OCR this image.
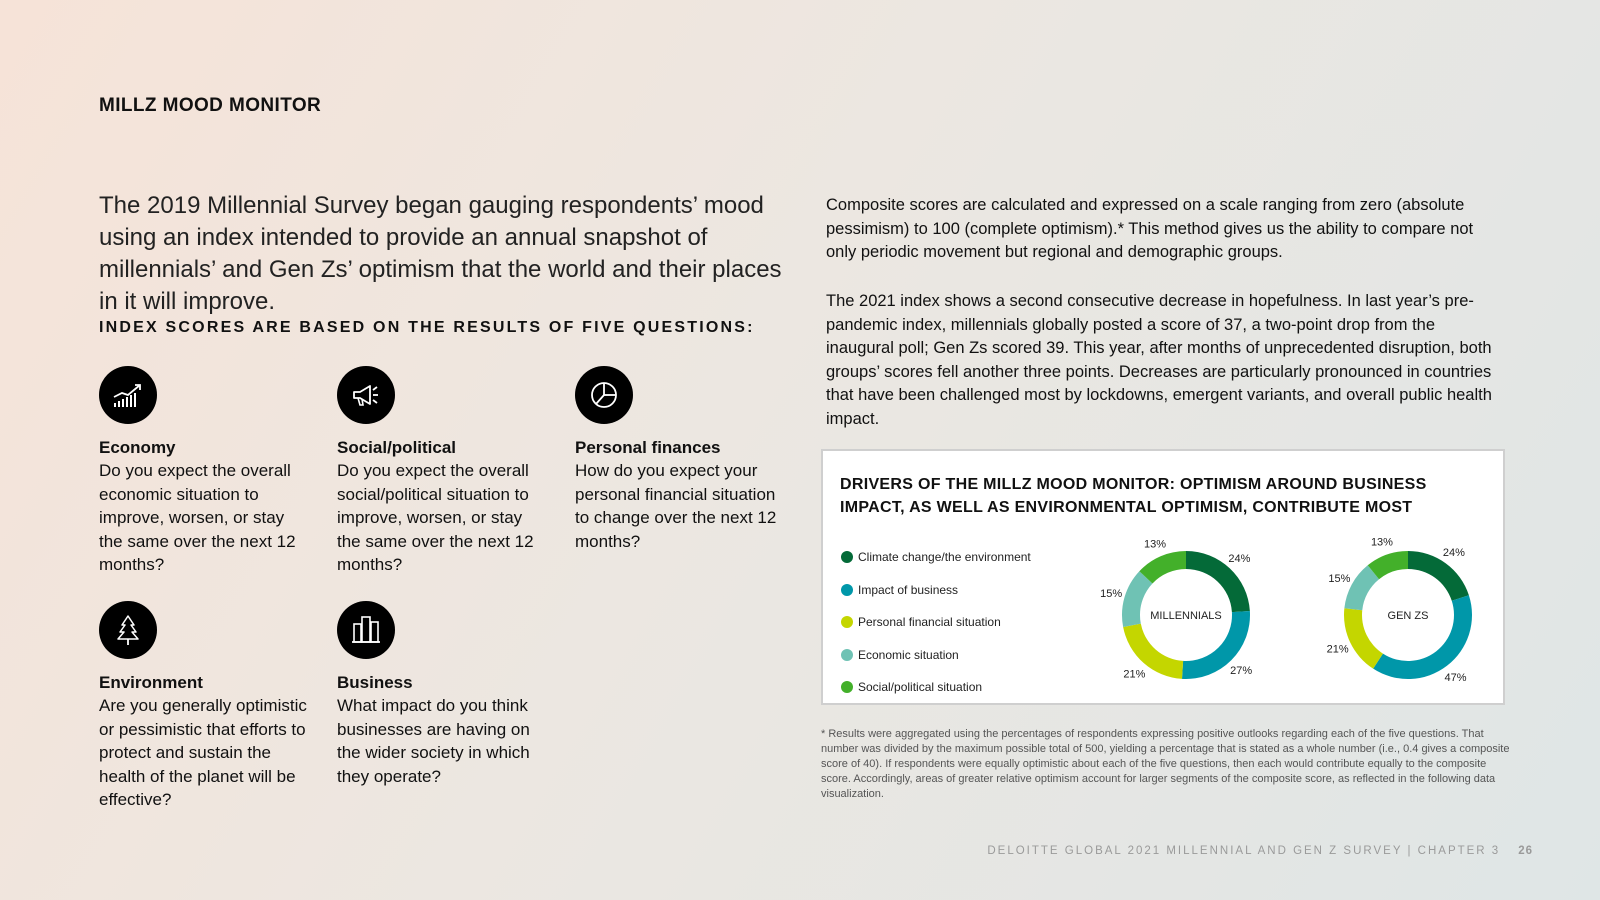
MILLZ MOOD MONITOR
The 2019 Millennial Survey began gauging respondents’ mood using an index intended to provide an annual snapshot of millennials’ and Gen Zs’ optimism that the world and their places in it will improve.
INDEX SCORES ARE BASED ON THE RESULTS OF FIVE QUESTIONS:
Economy
Do you expect the overall economic situation to improve, worsen, or stay the same over the next 12 months?
Social/political
Do you expect the overall social/political situation to improve, worsen, or stay the same over the next 12 months?
Personal finances
How do you expect your personal financial situation to change over the next 12 months?
Environment
Are you generally optimistic or pessimistic that efforts to protect and sustain the health of the planet will be effective?
Business
What impact do you think businesses are having on the wider society in which they operate?
Composite scores are calculated and expressed on a scale ranging from zero (absolute pessimism) to 100 (complete optimism).* This method gives us the ability to compare not only periodic movement but regional and demographic groups.
The 2021 index shows a second consecutive decrease in hopefulness. In last year’s pre-pandemic index, millennials globally posted a score of 37, a two-point drop from the inaugural poll; Gen Zs scored 39. This year, after months of unprecedented disruption, both groups’ scores fell another three points. Decreases are particularly pronounced in countries that have been challenged most by lockdowns, emergent variants, and overall public health impact.
DRIVERS OF THE MILLZ MOOD MONITOR: OPTIMISM AROUND BUSINESS IMPACT, AS WELL AS ENVIRONMENTAL OPTIMISM, CONTRIBUTE MOST
Climate change/the environment
Impact of business
Personal financial situation
Economic situation
Social/political situation
24%
27%
21%
15%
13%
MILLENNIALS
24%
47%
21%
15%
13%
GEN ZS
* Results were aggregated using the percentages of respondents expressing positive outlooks regarding each of the five questions. That number was divided by the maximum possible total of 500, yielding a percentage that is stated as a whole number (i.e., 0.4 gives a composite score of 40). If respondents were equally optimistic about each of the five questions, then each would contribute equally to the composite score. Accordingly, areas of greater relative optimism account for larger segments of the composite score, as reflected in the following data visualization.
DELOITTE GLOBAL 2021 MILLENNIAL AND GEN Z SURVEY | CHAPTER 3 26
